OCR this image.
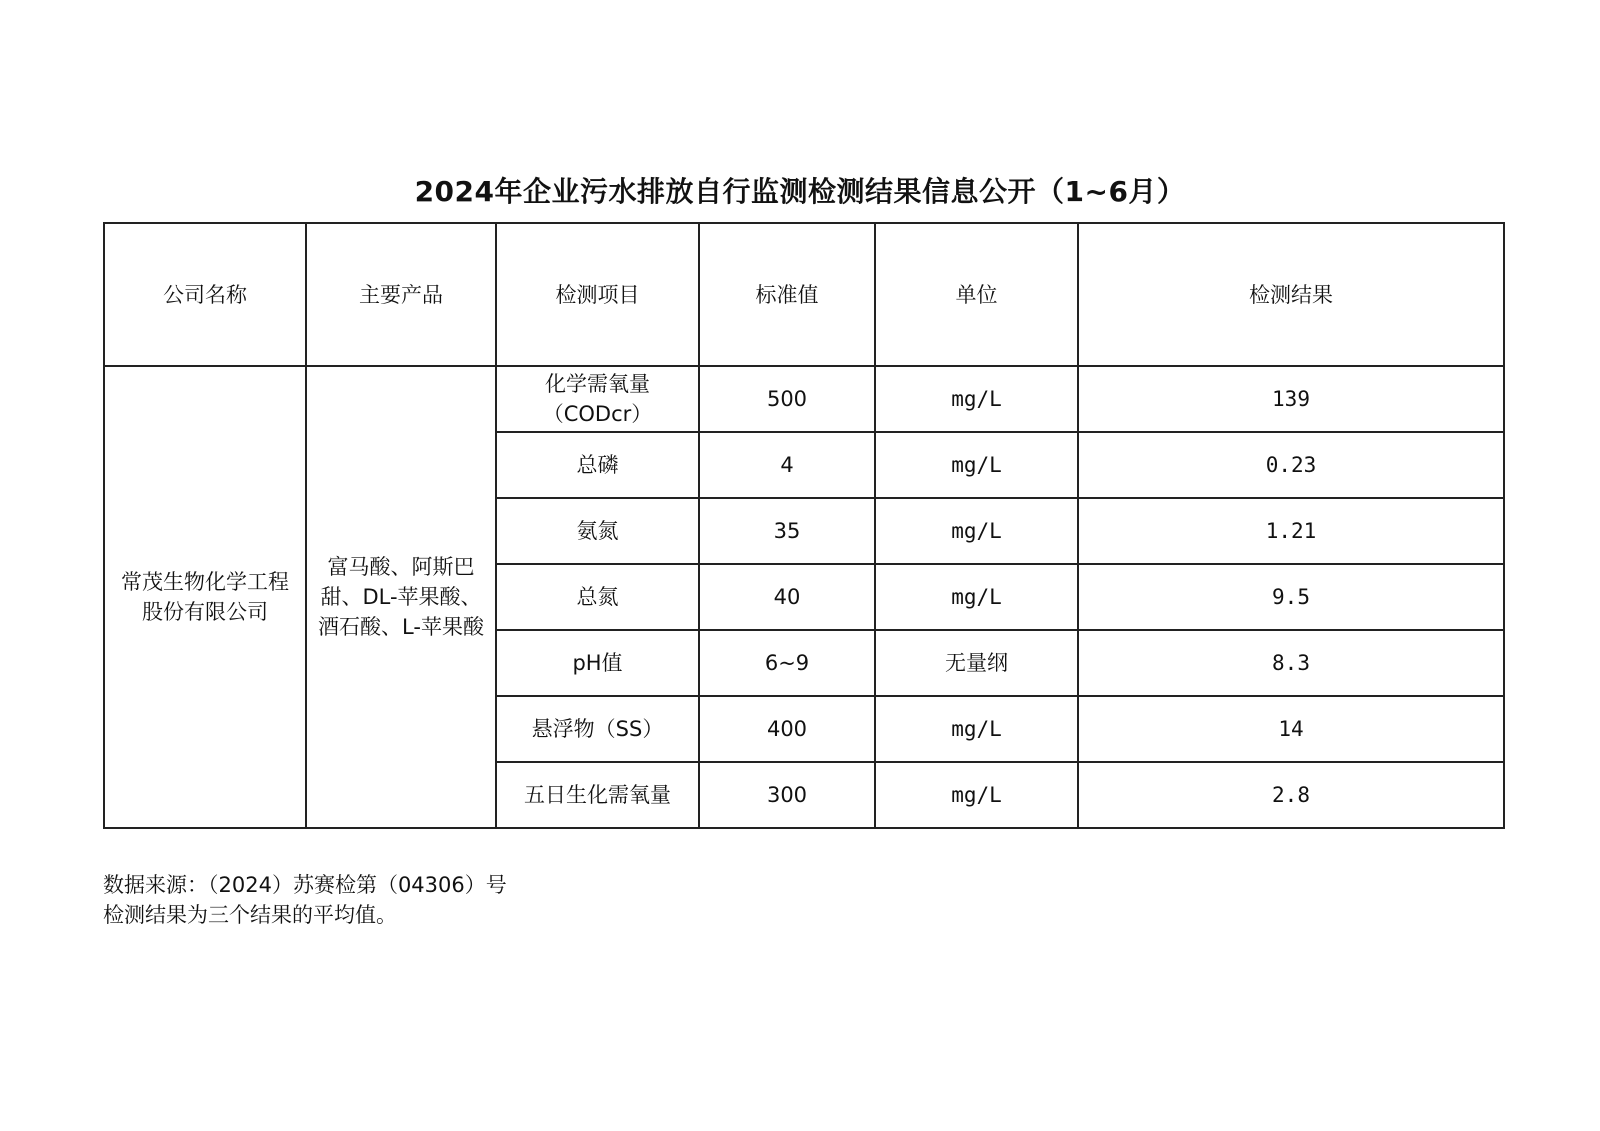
2024年企业污水排放自行监测检测结果信息公开（1~6月）
公司名称	主要产品	检测项目	标准值	单位	检测结果
常茂生物化学工程股份有限公司	富马酸、阿斯巴甜、DL-苹果酸、酒石酸、L-苹果酸	化学需氧量（CODcr）	500	mg/L	139
		总磷	4	mg/L	0.23
		氨氮	35	mg/L	1.21
		总氮	40	mg/L	9.5
		pH值	6~9	无量纲	8.3
		悬浮物（SS）	400	mg/L	14
		五日生化需氧量	300	mg/L	2.8
数据来源：（2024）苏赛检第（04306）号
检测结果为三个结果的平均值。
